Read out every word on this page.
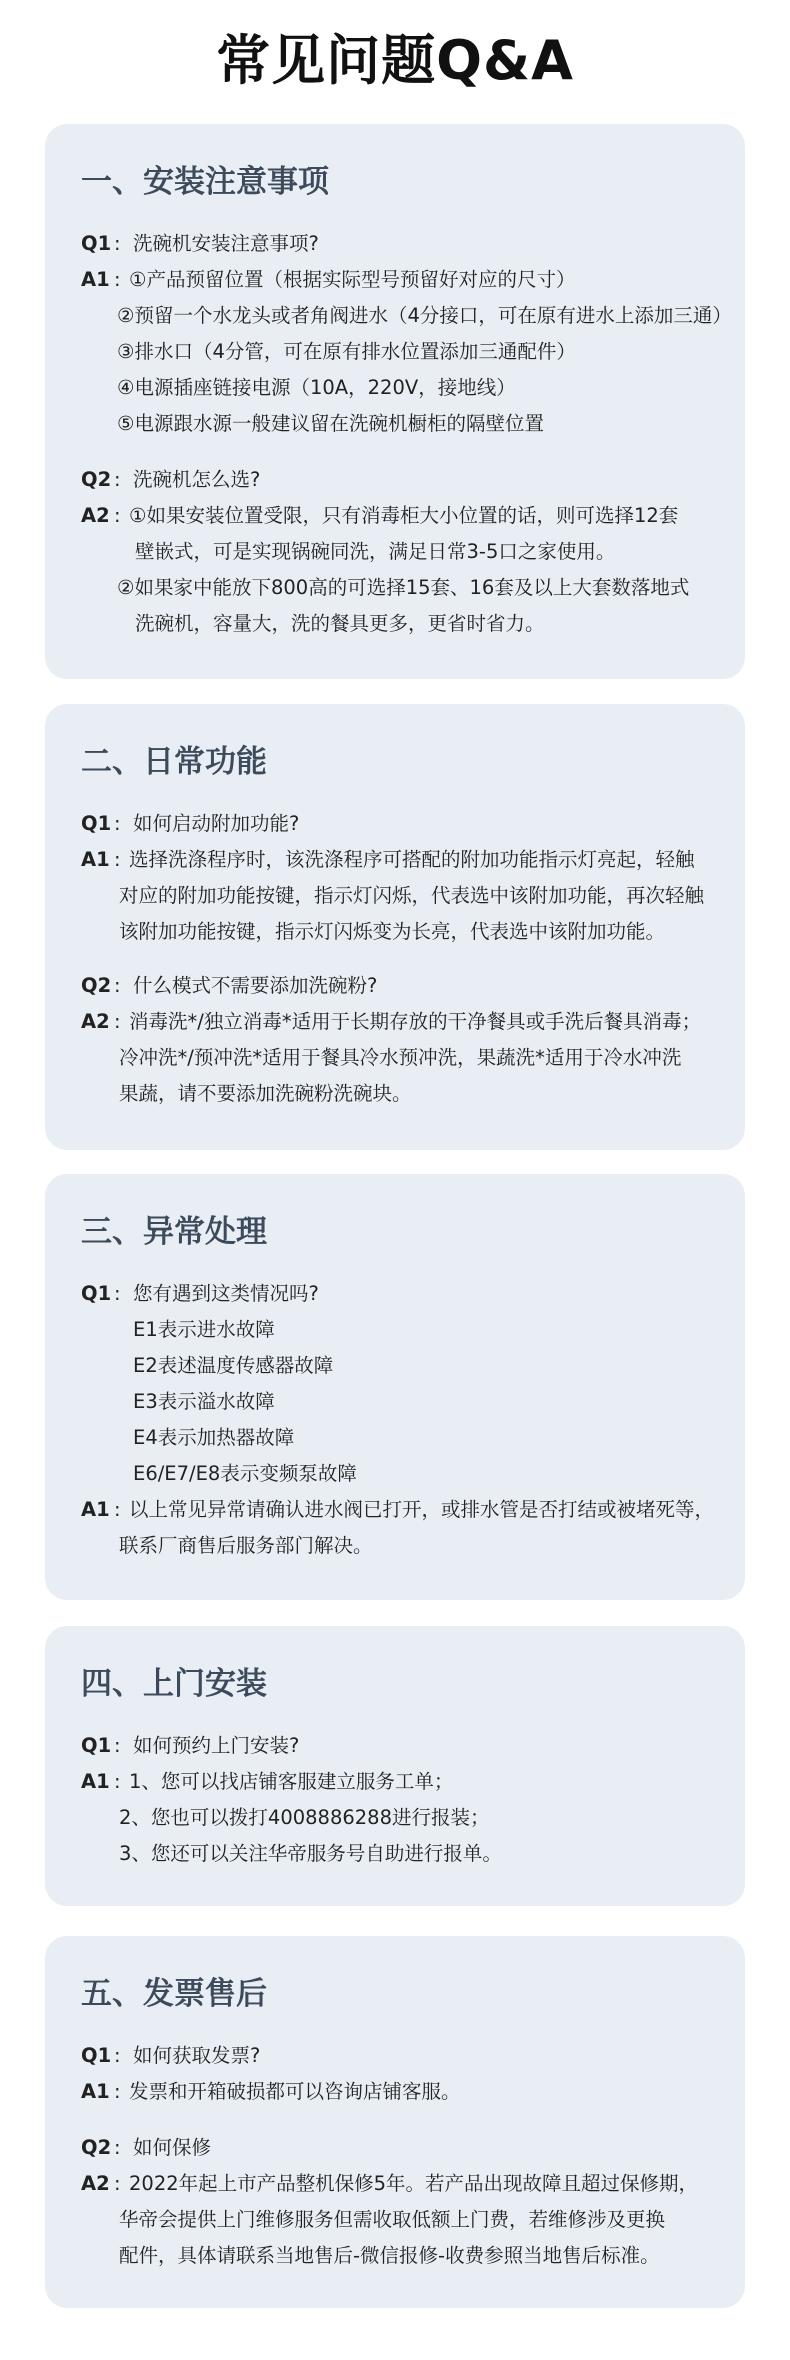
常见问题Q&A
一、安装注意事项
Q1 : 洗碗机安装注意事项?
A1 : ①产品预留位置（根据实际型号预留好对应的尺寸）
②预留一个水龙头或者角阀进水（4分接口，可在原有进水上添加三通）
③排水口（4分管，可在原有排水位置添加三通配件）
④电源插座链接电源（10A，220V，接地线）
⑤电源跟水源一般建议留在洗碗机橱柜的隔壁位置
Q2 : 洗碗机怎么选?
A2 : ①如果安装位置受限，只有消毒柜大小位置的话，则可选择12套
壁嵌式，可是实现锅碗同洗，满足日常3-5口之家使用。
②如果家中能放下800高的可选择15套、16套及以上大套数落地式
洗碗机，容量大，洗的餐具更多，更省时省力。
二、日常功能
Q1 : 如何启动附加功能?
A1 : 选择洗涤程序时，该洗涤程序可搭配的附加功能指示灯亮起，轻触
对应的附加功能按键，指示灯闪烁，代表选中该附加功能，再次轻触
该附加功能按键，指示灯闪烁变为长亮，代表选中该附加功能。
Q2 : 什么模式不需要添加洗碗粉?
A2 : 消毒洗*/独立消毒*适用于长期存放的干净餐具或手洗后餐具消毒；
冷冲洗*/预冲洗*适用于餐具冷水预冲洗，果蔬洗*适用于冷水冲洗
果蔬，请不要添加洗碗粉洗碗块。
三、异常处理
Q1 : 您有遇到这类情况吗?
E1表示进水故障
E2表述温度传感器故障
E3表示溢水故障
E4表示加热器故障
E6/E7/E8表示变频泵故障
A1 : 以上常见异常请确认进水阀已打开，或排水管是否打结或被堵死等，
联系厂商售后服务部门解决。
四、上门安装
Q1 : 如何预约上门安装?
A1 : 1、您可以找店铺客服建立服务工单；
2、您也可以拨打4008886288进行报装；
3、您还可以关注华帝服务号自助进行报单。
五、发票售后
Q1 : 如何获取发票?
A1 : 发票和开箱破损都可以咨询店铺客服。
Q2 : 如何保修
A2 : 2022年起上市产品整机保修5年。若产品出现故障且超过保修期，
华帝会提供上门维修服务但需收取低额上门费，若维修涉及更换
配件，具体请联系当地售后-微信报修-收费参照当地售后标准。
